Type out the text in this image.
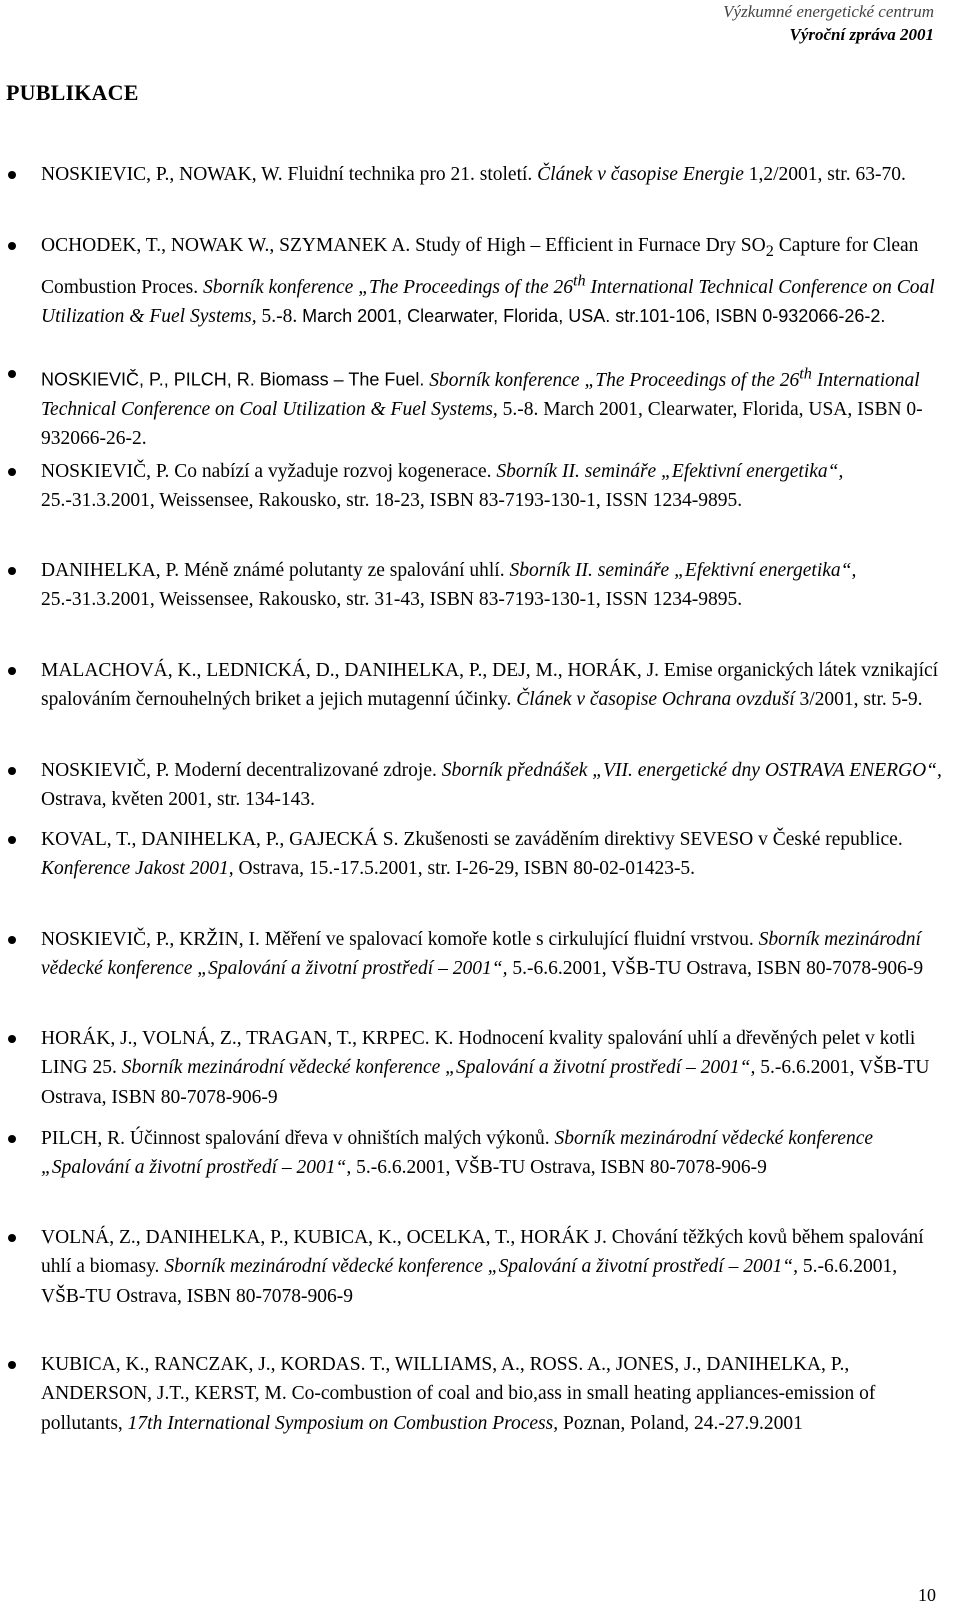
Výzkumné energetické centrum
Výroční zpráva 2001
PUBLIKACE
NOSKIEVIC, P., NOWAK, W. Fluidní technika pro 21. století. Článek v časopise Energie 1,2/2001, str. 63-70.
OCHODEK, T., NOWAK W., SZYMANEK A. Study of High – Efficient in Furnace Dry $SO_2$ Capture for Clean Combustion Proces. Sborník konference „The Proceedings of the 26th International Technical Conference on Coal Utilization & Fuel Systems, 5.-8. March 2001, Clearwater, Florida, USA. str.101-106, ISBN 0-932066-26-2.
NOSKIEVIČ, P., PILCH, R. Biomass – The Fuel. Sborník konference „The Proceedings of the 26th International Technical Conference on Coal Utilization & Fuel Systems, 5.-8. March 2001, Clearwater, Florida, USA, ISBN 0-932066-26-2.
NOSKIEVIČ, P. Co nabízí a vyžaduje rozvoj kogenerace. Sborník II. semináře „Efektivní energetika“, 25.-31.3.2001, Weissensee, Rakousko, str. 18-23, ISBN 83-7193-130-1, ISSN 1234-9895.
DANIHELKA, P. Méně známé polutanty ze spalování uhlí. Sborník II. semináře „Efektivní energetika“, 25.-31.3.2001, Weissensee, Rakousko, str. 31-43, ISBN 83-7193-130-1, ISSN 1234-9895.
MALACHOVÁ, K., LEDNICKÁ, D., DANIHELKA, P., DEJ, M., HORÁK, J. Emise organických látek vznikající spalováním černouhelných briket a jejich mutagenní účinky. Článek v časopise Ochrana ovzduší 3/2001, str. 5-9.
NOSKIEVIČ, P. Moderní decentralizované zdroje. Sborník přednášek „VII. energetické dny OSTRAVA ENERGO“, Ostrava, květen 2001, str. 134-143.
KOVAL, T., DANIHELKA, P., GAJECKÁ S. Zkušenosti se zaváděním direktivy SEVESO v České republice. Konference Jakost 2001, Ostrava, 15.-17.5.2001, str. I-26-29, ISBN 80-02-01423-5.
NOSKIEVIČ, P., KRŽIN, I. Měření ve spalovací komoře kotle s cirkulující fluidní vrstvou. Sborník mezinárodní vědecké konference „Spalování a životní prostředí – 2001“, 5.-6.6.2001, VŠB-TU Ostrava, ISBN 80-7078-906-9
HORÁK, J., VOLNÁ, Z., TRAGAN, T., KRPEC. K. Hodnocení kvality spalování uhlí a dřevěných pelet v kotli LING 25. Sborník mezinárodní vědecké konference „Spalování a životní prostředí – 2001“, 5.-6.6.2001, VŠB-TU Ostrava, ISBN 80-7078-906-9
PILCH, R. Účinnost spalování dřeva v ohništích malých výkonů. Sborník mezinárodní vědecké konference „Spalování a životní prostředí – 2001“, 5.-6.6.2001, VŠB-TU Ostrava, ISBN 80-7078-906-9
VOLNÁ, Z., DANIHELKA, P., KUBICA, K., OCELKA, T., HORÁK J. Chování těžkých kovů během spalování uhlí a biomasy. Sborník mezinárodní vědecké konference „Spalování a životní prostředí – 2001“, 5.-6.6.2001, VŠB-TU Ostrava, ISBN 80-7078-906-9
KUBICA, K., RANCZAK, J., KORDAS. T., WILLIAMS, A., ROSS. A., JONES, J., DANIHELKA, P., ANDERSON, J.T., KERST, M. Co-combustion of coal and bio,ass in small heating appliances-emission of pollutants, 17th International Symposium on Combustion Process, Poznan, Poland, 24.-27.9.2001
10
